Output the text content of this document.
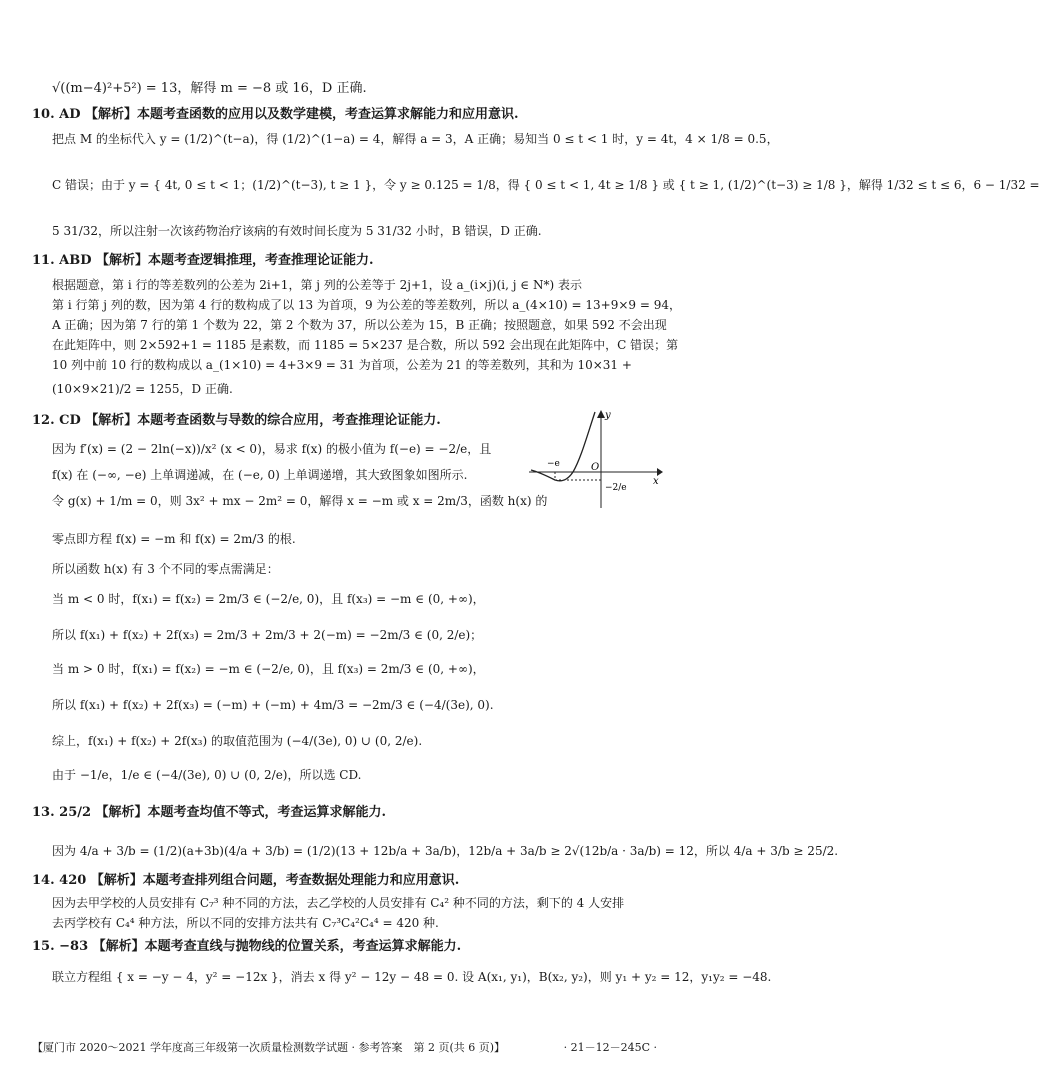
√((m−4)²+5²) = 13，解得 m = −8 或 16，D 正确.
10. AD 【解析】本题考查函数的应用以及数学建模，考查运算求解能力和应用意识.
把点 M 的坐标代入 y = (1/2)^(t−a)，得 (1/2)^(1−a) = 4，解得 a = 3，A 正确；易知当 0 ≤ t < 1 时，y = 4t，4 × 1/8 = 0.5，
C 错误；由于 y = { 4t, 0 ≤ t < 1；(1/2)^(t−3), t ≥ 1 }，令 y ≥ 0.125 = 1/8，得 { 0 ≤ t < 1, 4t ≥ 1/8 } 或 { t ≥ 1, (1/2)^(t−3) ≥ 1/8 }，解得 1/32 ≤ t ≤ 6，6 − 1/32 =
5 31/32，所以注射一次该药物治疗该病的有效时间长度为 5 31/32 小时，B 错误，D 正确.
11. ABD 【解析】本题考查逻辑推理，考查推理论证能力.
根据题意，第 i 行的等差数列的公差为 2i+1，第 j 列的公差等于 2j+1，设 a_(i×j)(i, j ∈ N*) 表示
第 i 行第 j 列的数，因为第 4 行的数构成了以 13 为首项，9 为公差的等差数列，所以 a_(4×10) = 13+9×9 = 94，
A 正确；因为第 7 行的第 1 个数为 22，第 2 个数为 37，所以公差为 15，B 正确；按照题意，如果 592 不会出现
在此矩阵中，则 2×592+1 = 1185 是素数，而 1185 = 5×237 是合数，所以 592 会出现在此矩阵中，C 错误；第
10 列中前 10 行的数构成以 a_(1×10) = 4+3×9 = 31 为首项，公差为 21 的等差数列，其和为 10×31 +
(10×9×21)/2 = 1255，D 正确.
12. CD 【解析】本题考查函数与导数的综合应用，考查推理论证能力.
因为 f′(x) = (2 − 2ln(−x))/x² (x < 0)，易求 f(x) 的极小值为 f(−e) = −2/e，且
f(x) 在 (−∞, −e) 上单调递减，在 (−e, 0) 上单调递增，其大致图象如图所示.
令 g(x) + 1/m = 0，则 3x² + mx − 2m² = 0，解得 x = −m 或 x = 2m/3，函数 h(x) 的
零点即方程 f(x) = −m 和 f(x) = 2m/3 的根.
所以函数 h(x) 有 3 个不同的零点需满足：
当 m < 0 时，f(x₁) = f(x₂) = 2m/3 ∈ (−2/e, 0)，且 f(x₃) = −m ∈ (0, +∞)，
所以 f(x₁) + f(x₂) + 2f(x₃) = 2m/3 + 2m/3 + 2(−m) = −2m/3 ∈ (0, 2/e)；
当 m > 0 时，f(x₁) = f(x₂) = −m ∈ (−2/e, 0)，且 f(x₃) = 2m/3 ∈ (0, +∞)，
所以 f(x₁) + f(x₂) + 2f(x₃) = (−m) + (−m) + 4m/3 = −2m/3 ∈ (−4/(3e), 0).
综上，f(x₁) + f(x₂) + 2f(x₃) 的取值范围为 (−4/(3e), 0) ∪ (0, 2/e).
由于 −1/e，1/e ∈ (−4/(3e), 0) ∪ (0, 2/e)，所以选 CD.
13. 25/2 【解析】本题考查均值不等式，考查运算求解能力.
因为 4/a + 3/b = (1/2)(a+3b)(4/a + 3/b) = (1/2)(13 + 12b/a + 3a/b)，12b/a + 3a/b ≥ 2√(12b/a · 3a/b) = 12，所以 4/a + 3/b ≥ 25/2.
14. 420 【解析】本题考查排列组合问题，考查数据处理能力和应用意识.
因为去甲学校的人员安排有 C₇³ 种不同的方法，去乙学校的人员安排有 C₄² 种不同的方法，剩下的 4 人安排
去丙学校有 C₄⁴ 种方法，所以不同的安排方法共有 C₇³C₄²C₄⁴ = 420 种.
15. −83 【解析】本题考查直线与抛物线的位置关系，考查运算求解能力.
联立方程组 { x = −y − 4，y² = −12x }，消去 x 得 y² − 12y − 48 = 0. 设 A(x₁, y₁)，B(x₂, y₂)，则 y₁ + y₂ = 12，y₁y₂ = −48.
y
x
O
−e
−2/e
【厦门市 2020～2021 学年度高三年级第一次质量检测数学试题 · 参考答案　第 2 页(共 6 页)】	· 21－12－245C ·
